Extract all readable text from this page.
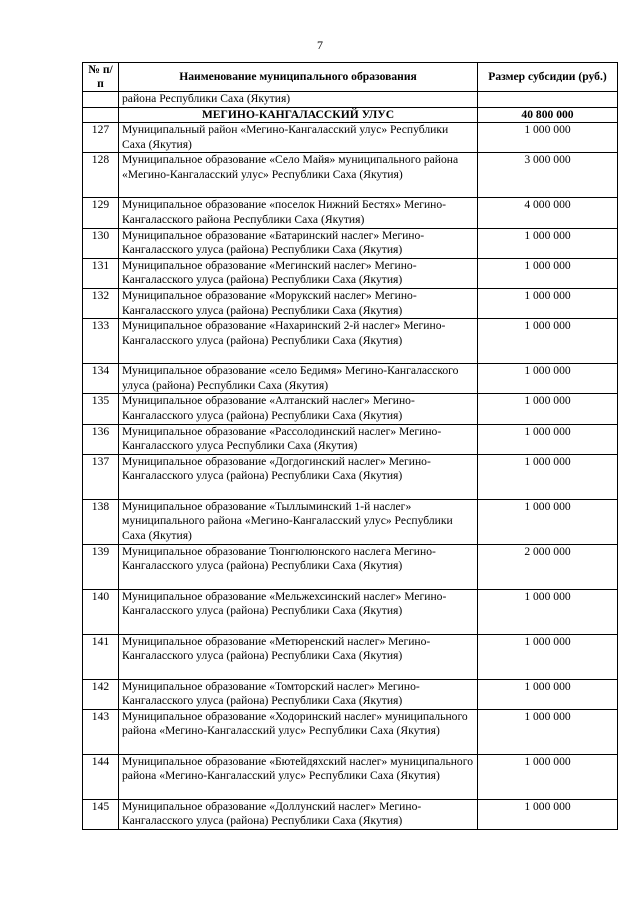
7
№ п/п	Наименование муниципального образования	Размер субсидии (руб.)
	района Республики Саха (Якутия)	
	МЕГИНО-КАНГАЛАССКИЙ УЛУС	40 800 000
127	Муниципальный район «Мегино-Кангаласский улус» Республики Саха (Якутия)	1 000 000
128	Муниципальное образование «Село Майя» муниципального района «Мегино-Кангаласский улус» Республики Саха (Якутия)	3 000 000
129	Муниципальное образование «поселок Нижний Бестях» Мегино-Кангаласского района Республики Саха (Якутия)	4 000 000
130	Муниципальное образование «Батаринский наслег» Мегино-Кангаласского улуса (района) Республики Саха (Якутия)	1 000 000
131	Муниципальное образование «Мегинский наслег» Мегино-Кангаласского улуса (района) Республики Саха (Якутия)	1 000 000
132	Муниципальное образование «Морукский наслег» Мегино-Кангаласского улуса (района) Республики Саха (Якутия)	1 000 000
133	Муниципальное образование «Нахаринский 2-й наслег» Мегино-Кангаласского улуса (района) Республики Саха (Якутия)	1 000 000
134	Муниципальное образование «село Бедимя» Мегино-Кангаласского улуса (района) Республики Саха (Якутия)	1 000 000
135	Муниципальное образование «Алтанский наслег» Мегино-Кангаласского улуса (района) Республики Саха (Якутия)	1 000 000
136	Муниципальное образование «Рассолодинский наслег» Мегино-Кангаласского улуса Республики Саха (Якутия)	1 000 000
137	Муниципальное образование «Догдогинский наслег» Мегино-Кангаласского улуса (района) Республики Саха (Якутия)	1 000 000
138	Муниципальное образование «Тыллыминский 1-й наслег» муниципального района «Мегино-Кангаласский улус» Республики Саха (Якутия)	1 000 000
139	Муниципальное образование Тюнгюлюнского наслега Мегино-Кангаласского улуса (района) Республики Саха (Якутия)	2 000 000
140	Муниципальное образование «Мельжехсинский наслег» Мегино-Кангаласского улуса (района) Республики Саха (Якутия)	1 000 000
141	Муниципальное образование «Метюренский наслег» Мегино-Кангаласского улуса (района) Республики Саха (Якутия)	1 000 000
142	Муниципальное образование «Томторский наслег» Мегино-Кангаласского улуса (района) Республики Саха (Якутия)	1 000 000
143	Муниципальное образование «Ходоринский наслег» муниципального района «Мегино-Кангаласский улус» Республики Саха (Якутия)	1 000 000
144	Муниципальное образование «Бютейдяхский наслег» муниципального района «Мегино-Кангаласский улус» Республики Саха (Якутия)	1 000 000
145	Муниципальное образование «Доллунский наслег» Мегино-Кангаласского улуса (района) Республики Саха (Якутия)	1 000 000
